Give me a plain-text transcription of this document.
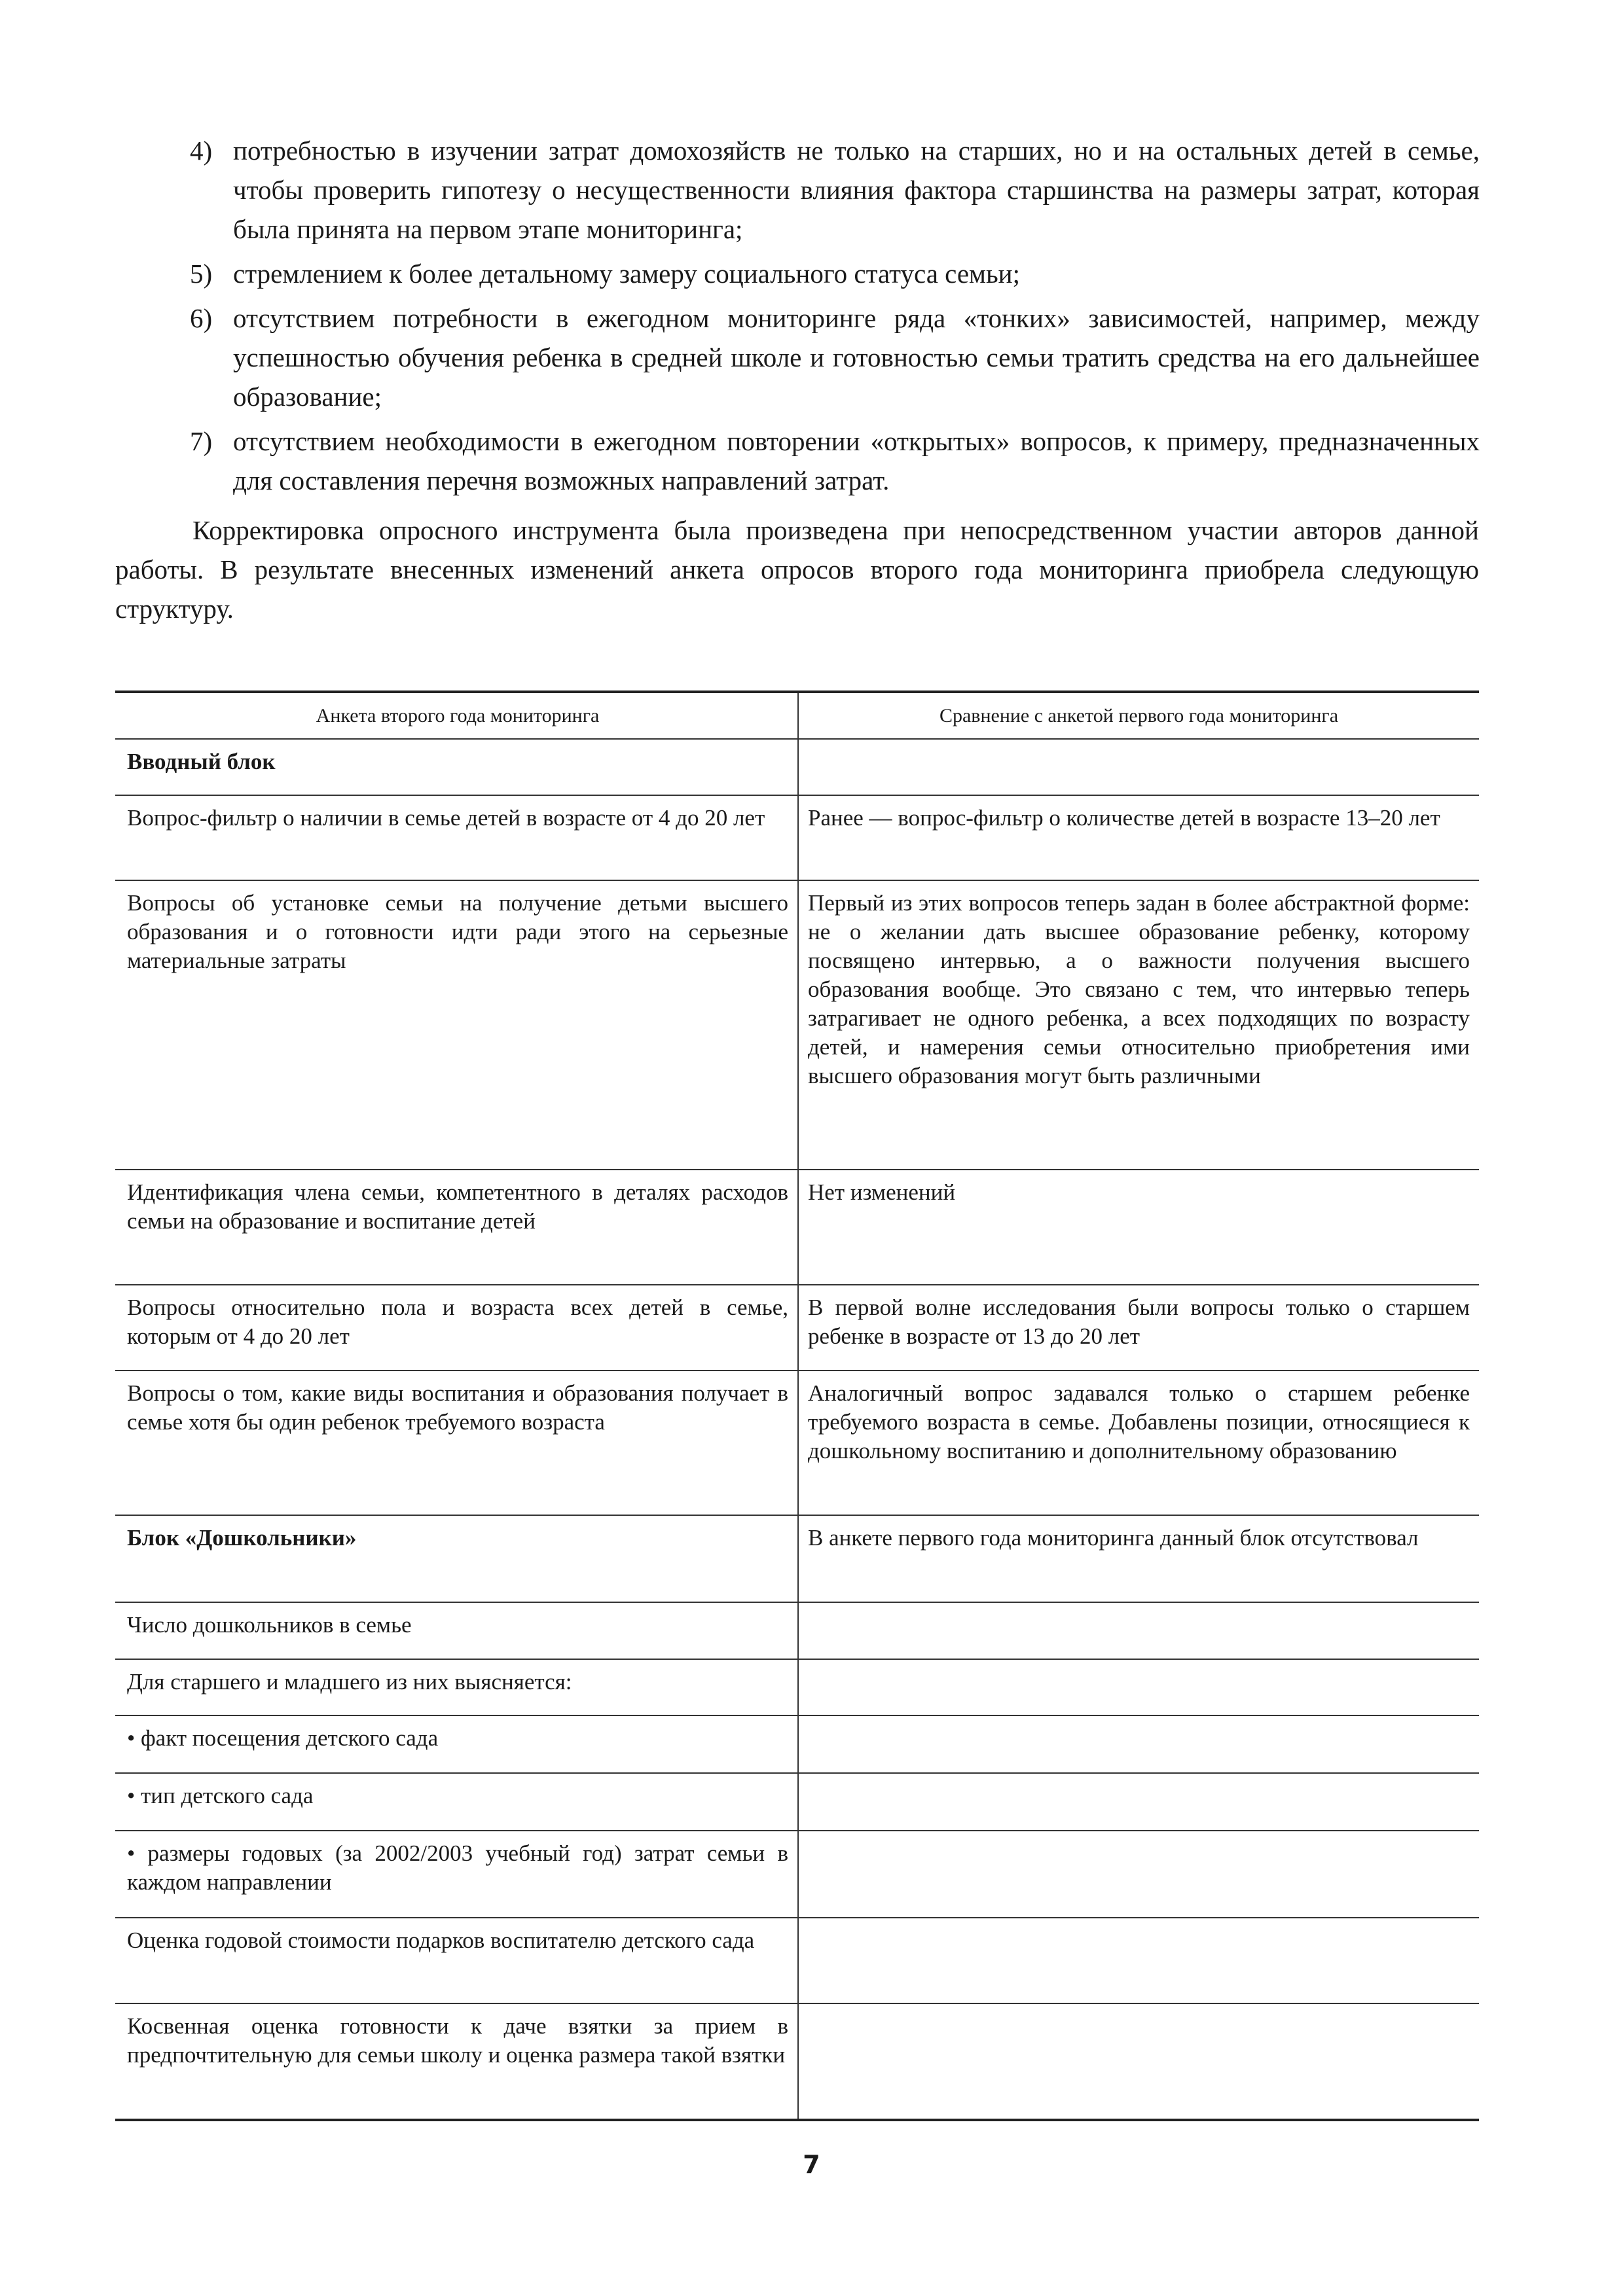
4) потребностью в изучении затрат домохозяйств не только на старших, но и на остальных детей в семье, чтобы проверить гипотезу о несущественности влияния фактора старшинства на размеры затрат, которая была принята на первом этапе мониторинга;
5) стремлением к более детальному замеру социального статуса семьи;
6) отсутствием потребности в ежегодном мониторинге ряда «тонких» зависимостей, например, между успешностью обучения ребенка в средней школе и готовностью семьи тратить средства на его дальнейшее образование;
7) отсутствием необходимости в ежегодном повторении «открытых» вопросов, к примеру, предназначенных для составления перечня возможных направлений затрат.
Корректировка опросного инструмента была произведена при непосредственном участии авторов данной работы. В результате внесенных изменений анкета опросов второго года мониторинга приобрела следующую структуру.
Анкета второго года мониторинга	Сравнение с анкетой первого года мониторинга
Вводный блок	
Вопрос-фильтр о наличии в семье детей в возрасте от 4 до 20 лет	Ранее — вопрос-фильтр о количестве детей в возрасте 13–20 лет
Вопросы об установке семьи на получение детьми высшего образования и о готовности идти ради этого на серьезные материальные затраты	Первый из этих вопросов теперь задан в более абстрактной форме: не о желании дать высшее образование ребенку, которому посвящено интервью, а о важности получения высшего образования вообще. Это связано с тем, что интервью теперь затрагивает не одного ребенка, а всех подходящих по возрасту детей, и намерения семьи относительно приобретения ими высшего образования могут быть различными
Идентификация члена семьи, компетентного в деталях расходов семьи на образование и воспитание детей	Нет изменений
Вопросы относительно пола и возраста всех детей в семье, которым от 4 до 20 лет	В первой волне исследования были вопросы только о старшем ребенке в возрасте от 13 до 20 лет
Вопросы о том, какие виды воспитания и образования получает в семье хотя бы один ребенок требуемого возраста	Аналогичный вопрос задавался только о старшем ребенке требуемого возраста в семье. Добавлены позиции, относящиеся к дошкольному воспитанию и дополнительному образованию
Блок «Дошкольники»	В анкете первого года мониторинга данный блок отсутствовал
Число дошкольников в семье	
Для старшего и младшего из них выясняется:	
• факт посещения детского сада	
• тип детского сада	
• размеры годовых (за 2002/2003 учебный год) затрат семьи в каждом направлении	
Оценка годовой стоимости подарков воспитателю детского сада	
Косвенная оценка готовности к даче взятки за прием в предпочтительную для семьи школу и оценка размера такой взятки	
7
